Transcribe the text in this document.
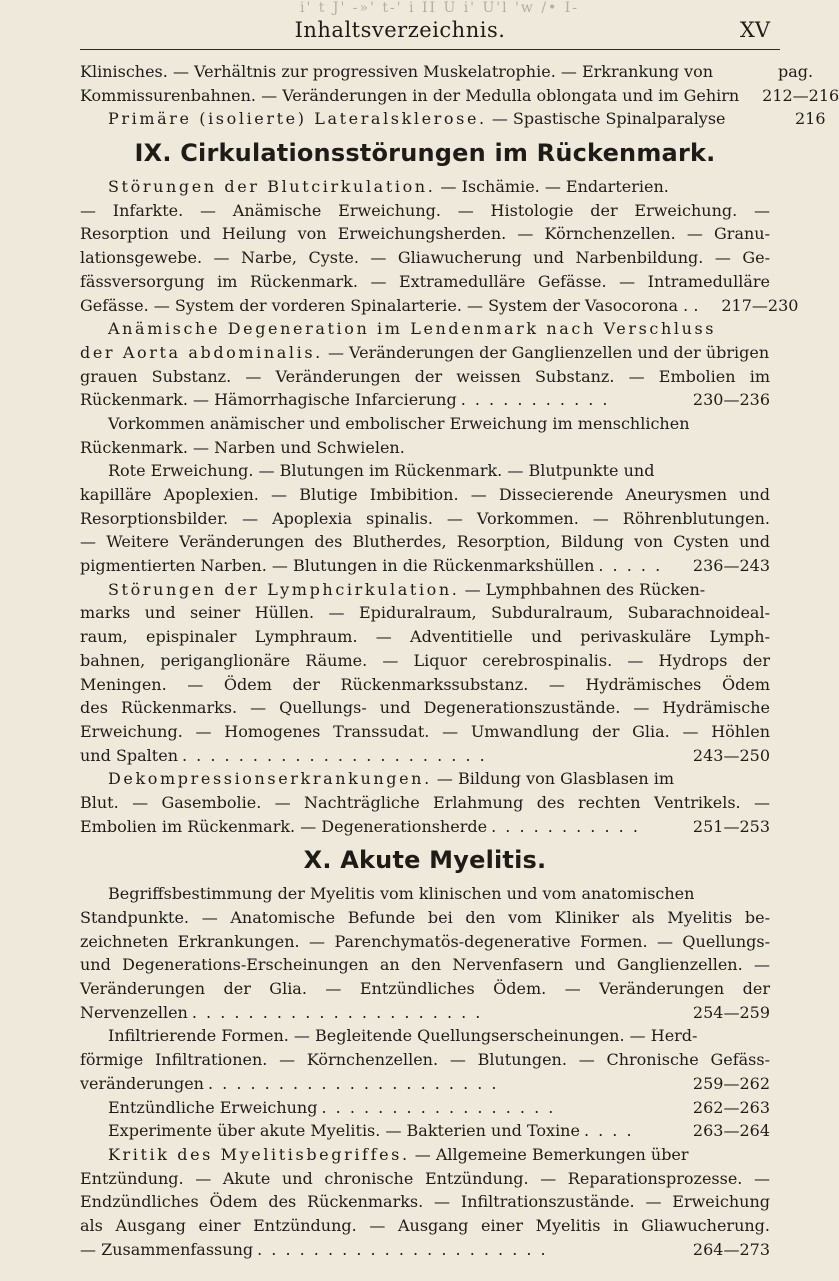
i' t J' -»' t-' i II U i' U'l 'w /• I-
Inhaltsverzeichnis.	XV
Klinisches. — Verhältnis zur progressiven Muskelatrophie. — Erkrankung von	pag.
Kommissurenbahnen. — Veränderungen in der Medulla oblongata und im Gehirn	212—216
Primäre (isolierte) Lateralsklerose. — Spastische Spinalparalyse	216
IX. Cirkulationsstörungen im Rückenmark.
Störungen der Blutcirkulation. — Ischämie. — Endarterien.
— Infarkte. — Anämische Erweichung. — Histologie der Erweichung. —
Resorption und Heilung von Erweichungsherden. — Körnchenzellen. — Granu-
lationsgewebe. — Narbe, Cyste. — Gliawucherung und Narbenbildung. — Ge-
fässversorgung im Rückenmark. — Extramedulläre Gefässe. — Intramedulläre
Gefässe. — System der vorderen Spinalarterie. — System der Vasocorona . .	217—230
Anämische Degeneration im Lendenmark nach Verschluss
der Aorta abdominalis. — Veränderungen der Ganglienzellen und der übrigen
grauen Substanz. — Veränderungen der weissen Substanz. — Embolien im
Rückenmark. — Hämorrhagische Infarcierung . . . . . . . . . . .	230—236
Vorkommen anämischer und embolischer Erweichung im menschlichen
Rückenmark. — Narben und Schwielen.
Rote Erweichung. — Blutungen im Rückenmark. — Blutpunkte und
kapilläre Apoplexien. — Blutige Imbibition. — Dissecierende Aneurysmen und
Resorptionsbilder. — Apoplexia spinalis. — Vorkommen. — Röhrenblutungen.
— Weitere Veränderungen des Blutherdes, Resorption, Bildung von Cysten und
pigmentierten Narben. — Blutungen in die Rückenmarkshüllen . . . . .	236—243
Störungen der Lymphcirkulation. — Lymphbahnen des Rücken-
marks und seiner Hüllen. — Epiduralraum, Subduralraum, Subarachnoideal-
raum, epispinaler Lymphraum. — Adventitielle und perivaskuläre Lymph-
bahnen, periganglionäre Räume. — Liquor cerebrospinalis. — Hydrops der
Meningen. — Ödem der Rückenmarkssubstanz. — Hydrämisches Ödem
des Rückenmarks. — Quellungs- und Degenerationszustände. — Hydrämische
Erweichung. — Homogenes Transsudat. — Umwandlung der Glia. — Höhlen
und Spalten . . . . . . . . . . . . . . . . . . . . . .	243—250
Dekompressionserkrankungen. — Bildung von Glasblasen im
Blut. — Gasembolie. — Nachträgliche Erlahmung des rechten Ventrikels. —
Embolien im Rückenmark. — Degenerationsherde . . . . . . . . . . .	251—253
X. Akute Myelitis.
Begriffsbestimmung der Myelitis vom klinischen und vom anatomischen
Standpunkte. — Anatomische Befunde bei den vom Kliniker als Myelitis be-
zeichneten Erkrankungen. — Parenchymatös-degenerative Formen. — Quellungs-
und Degenerations-Erscheinungen an den Nervenfasern und Ganglienzellen. —
Veränderungen der Glia. — Entzündliches Ödem. — Veränderungen der
Nervenzellen . . . . . . . . . . . . . . . . . . . . .	254—259
Infiltrierende Formen. — Begleitende Quellungserscheinungen. — Herd-
förmige Infiltrationen. — Körnchenzellen. — Blutungen. — Chronische Gefäss-
veränderungen . . . . . . . . . . . . . . . . . . . . .	259—262
Entzündliche Erweichung . . . . . . . . . . . . . . . . .	262—263
Experimente über akute Myelitis. — Bakterien und Toxine . . . .	263—264
Kritik des Myelitisbegriffes. — Allgemeine Bemerkungen über
Entzündung. — Akute und chronische Entzündung. — Reparationsprozesse. —
Endzündliches Ödem des Rückenmarks. — Infiltrationszustände. — Erweichung
als Ausgang einer Entzündung. — Ausgang einer Myelitis in Gliawucherung.
— Zusammenfassung . . . . . . . . . . . . . . . . . . . . .	264—273
